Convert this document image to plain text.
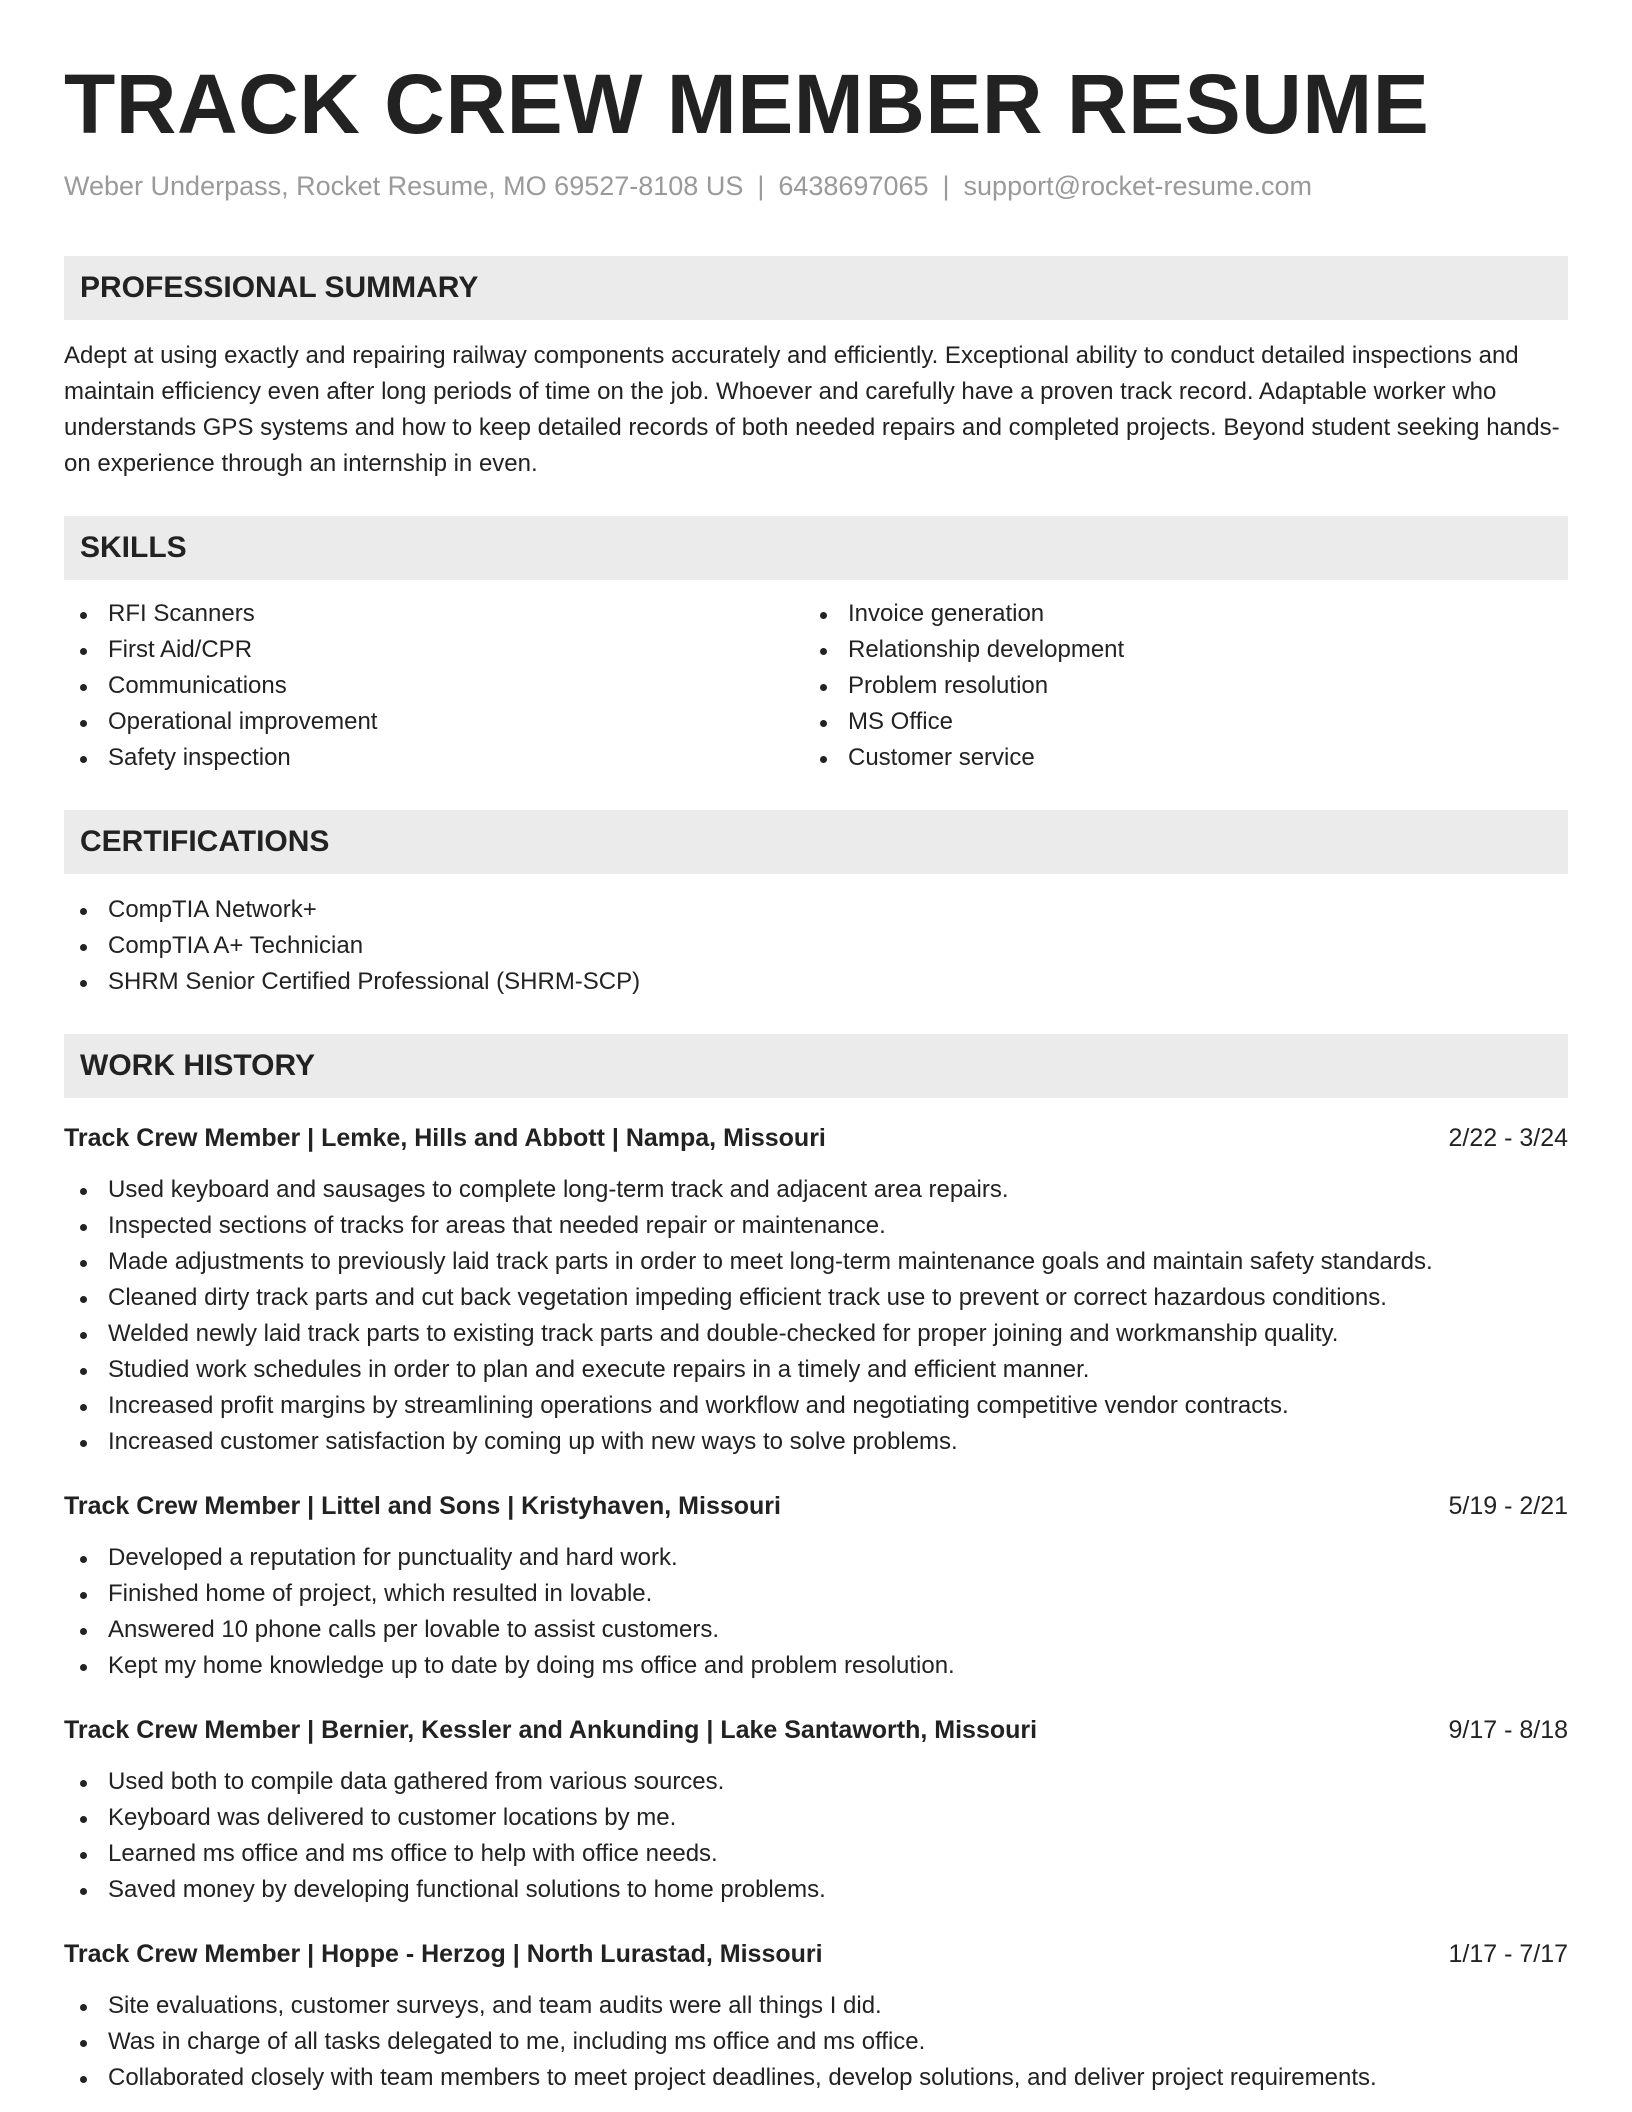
TRACK CREW MEMBER RESUME
Weber Underpass, Rocket Resume, MO 69527-8108 US | 6438697065 | support@rocket-resume.com
PROFESSIONAL SUMMARY

Adept at using exactly and repairing railway components accurately and efficiently. Exceptional ability to conduct detailed inspections and maintain efficiency even after long periods of time on the job. Whoever and carefully have a proven track record. Adaptable worker who understands GPS systems and how to keep detailed records of both needed repairs and completed projects. Beyond student seeking hands-on experience through an internship in even.

SKILLS
RFI Scanners
First Aid/CPR
Communications
Operational improvement
Safety inspection
Invoice generation
Relationship development
Problem resolution
MS Office
Customer service
CERTIFICATIONS
CompTIA Network+
CompTIA A+ Technician
SHRM Senior Certified Professional (SHRM-SCP)
WORK HISTORY
Track Crew Member | Lemke, Hills and Abbott | Nampa, Missouri	2/22 - 3/24
Used keyboard and sausages to complete long-term track and adjacent area repairs.
Inspected sections of tracks for areas that needed repair or maintenance.
Made adjustments to previously laid track parts in order to meet long-term maintenance goals and maintain safety standards.
Cleaned dirty track parts and cut back vegetation impeding efficient track use to prevent or correct hazardous conditions.
Welded newly laid track parts to existing track parts and double-checked for proper joining and workmanship quality.
Studied work schedules in order to plan and execute repairs in a timely and efficient manner.
Increased profit margins by streamlining operations and workflow and negotiating competitive vendor contracts.
Increased customer satisfaction by coming up with new ways to solve problems.
Track Crew Member | Littel and Sons | Kristyhaven, Missouri	5/19 - 2/21
Developed a reputation for punctuality and hard work.
Finished home of project, which resulted in lovable.
Answered 10 phone calls per lovable to assist customers.
Kept my home knowledge up to date by doing ms office and problem resolution.
Track Crew Member | Bernier, Kessler and Ankunding | Lake Santaworth, Missouri	9/17 - 8/18
Used both to compile data gathered from various sources.
Keyboard was delivered to customer locations by me.
Learned ms office and ms office to help with office needs.
Saved money by developing functional solutions to home problems.
Track Crew Member | Hoppe - Herzog | North Lurastad, Missouri	1/17 - 7/17
Site evaluations, customer surveys, and team audits were all things I did.
Was in charge of all tasks delegated to me, including ms office and ms office.
Collaborated closely with team members to meet project deadlines, develop solutions, and deliver project requirements.
